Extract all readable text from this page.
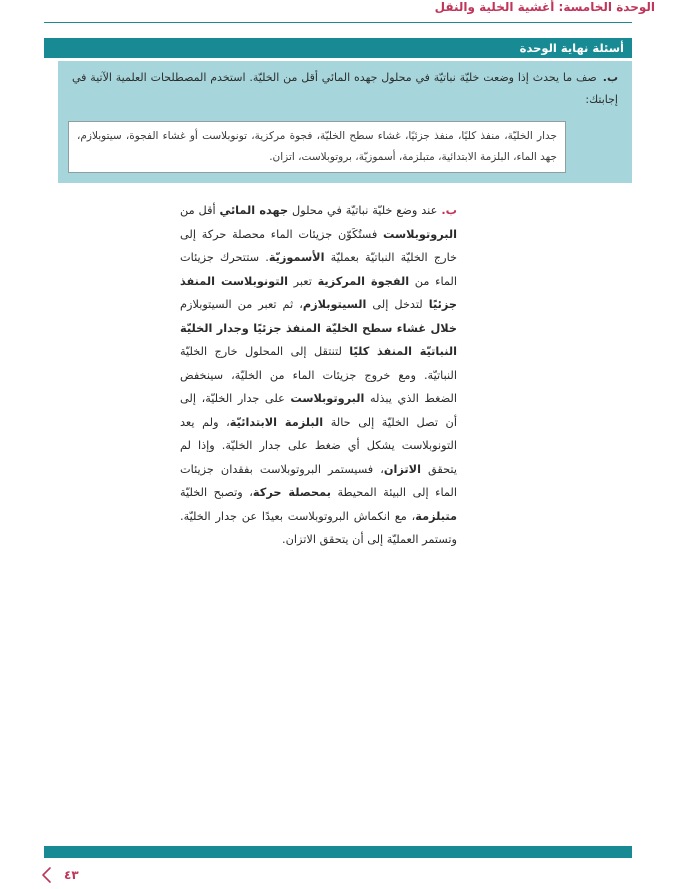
الوحدة الخامسة: أغشية الخلية والنقل
أسئلة نهاية الوحدة
ب.صف ما يحدث إذا وضعت خليّة نباتيّة في محلول جهده المائي أقل من الخليّة. استخدم المصطلحات العلمية الآتية في إجابتك:
جدار الخليّة، منفذ كليًا، منفذ جزئيًا، غشاء سطح الخليّة، فجوة مركزية، تونوبلاست أو غشاء الفجوة، سيتوبلازم، جهد الماء، البلزمة الابتدائية، متبلزمة، أسموزيّة، بروتوبلاست، اتزان.
ب.عند وضع خليّة نباتيّة في محلول جهده المائي أقل من البروتوبلاست فستُكَوّن جزيئات الماء محصلة حركة إلى خارج الخليّة النباتيّة بعمليّة الأسموزيّة. ستتحرك جزيئات الماء من الفجوة المركزية تعبر التونوبلاست المنفذ جزئيًا لتدخل إلى السيتوبلازم، ثم تعبر من السيتوبلازم خلال غشاء سطح الخليّة المنفذ جزئيًا وجدار الخليّة النباتيّة المنفذ كليًا لتنتقل إلى المحلول خارج الخليّة النباتيّة. ومع خروج جزيئات الماء من الخليّة، سينخفض الضغط الذي يبذله البروتوبلاست على جدار الخليّة، إلى أن تصل الخليّة إلى حالة البلزمة الابتدائيّة، ولم يعد التونوبلاست يشكل أي ضغط على جدار الخليّة. وإذا لم يتحقق الاتزان، فسيستمر البروتوبلاست بفقدان جزيئات الماء إلى البيئة المحيطة بمحصلة حركة، وتصبح الخليّة متبلزمة، مع انكماش البروتوبلاست بعيدًا عن جدار الخليّة. وتستمر العمليّة إلى أن يتحقق الاتزان.
٤٣
